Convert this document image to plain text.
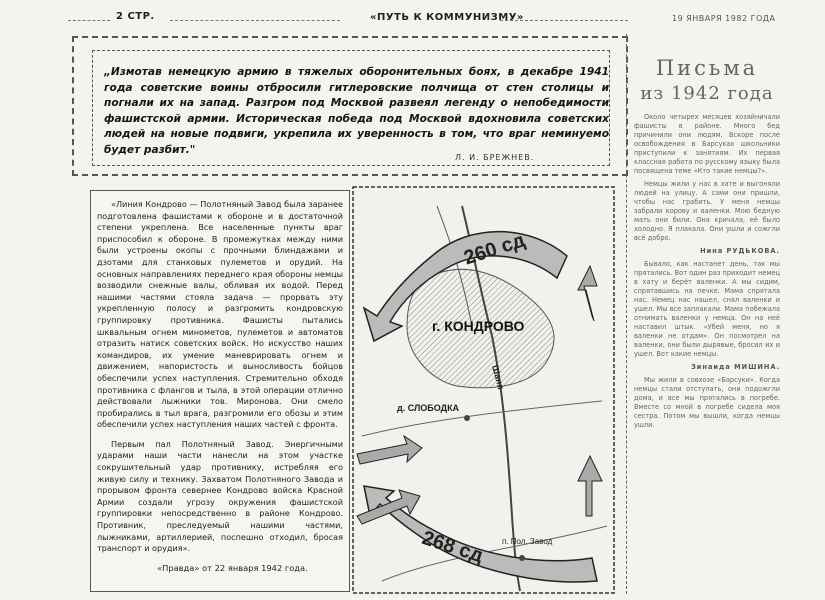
2 СТР.	«ПУТЬ К КОММУНИЗМУ»	19 ЯНВАРЯ 1982 ГОДА
„Измотав немецкую армию в тяжелых оборонительных боях, в декабре 1941 года советские воины отбросили гитлеровские полчища от стен столицы и погнали их на запад. Разгром под Москвой развеял легенду о непобедимости фашистской армии. Историческая победа под Москвой вдохновила советских людей на новые подвиги, укрепила их уверенность в том, что враг неминуемо будет разбит."
Л. И. БРЕЖНЕВ.

«Линия Кондрово — Полотняный Завод была заранее подготовлена фашистами к обороне и в достаточной степени укреплена. Все населенные пункты враг приспособил к обороне. В промежутках между ними были устроены окопы с прочными блиндажами и дзотами для станковых пулеметов и орудий. На основных направлениях переднего края обороны немцы возводили снежные валы, обливая их водой. Перед нашими частями стояла задача — прорвать эту укрепленную полосу и разгромить кондровскую группировку противника. Фашисты пытались шквальным огнем минометов, пулеметов и автоматов отразить натиск советских войск. Но искусство наших командиров, их умение маневрировать огнем и движением, напористость и выносливость бойцов обеспечили успех наступления. Стремительно обходя противника с флангов и тыла, в этой операции отлично действовали лыжники тов. Миронова. Они смело пробирались в тыл врага, разгромили его обозы и этим обеспечили успех наступления наших частей с фронта.

Первым пал Полотняный Завод. Энергичными ударами наши части нанесли на этом участке сокрушительный удар противнику, истребляя его живую силу и технику. Захватом Полотняного Завода и прорывом фронта севернее Кондрово войска Красной Армии создали угрозу окружения фашистской группировки непосредственно в районе Кондрово. Противник, преследуемый нашими частями, лыжниками, артиллерией, поспешно отходил, бросая транспорт и орудия».

«Правда» от 22 января 1942 года.

260 сд
268 сд
г. КОНДРОВО
д. СЛОБОДКА
п. Пол. Завод
Шаня
Письма
из 1942 года

Около четырех месяцев хозяйничали фашисты в районе. Много бед причинили они людям. Вскоре после освобождения в Барсуках школьники приступили к занятиям. Их первая классная работа по русскому языку была посвящена теме «Кто такие немцы?».

Немцы жили у нас в хате и выгоняли людей на улицу. А сами они пришли, чтобы нас грабить. У меня немцы забрали корову и валенки. Мою бедную мать они били. Она кричала, её было холодно. Я плакала. Они ушли и сожгли всё добро.

Нина РУДЬКОВА.

Бывало, как настанет день, так мы прятались. Вот один раз приходит немец в хату и берёт валенки. А мы сидим, спрятавшись на печке. Мама спрятала нас. Немец нас нашел, снял валенки и ушел. Мы все заплакали. Мама побежала отнимать валенки у немца. Он на неё наставил штык. «Убей меня, но я валенки не отдам». Он посмотрел на валенки, они были дырявые, бросил их и ушел. Вот какие немцы.

Зинаида МИШИНА.

Мы жили в совхозе «Барсуки». Когда немцы стали отступать, они подожгли дома, и все мы прятались в погребе. Вместе со мной в погребе сидела моя сестра. Потом мы вышли, когда немцы ушли.
